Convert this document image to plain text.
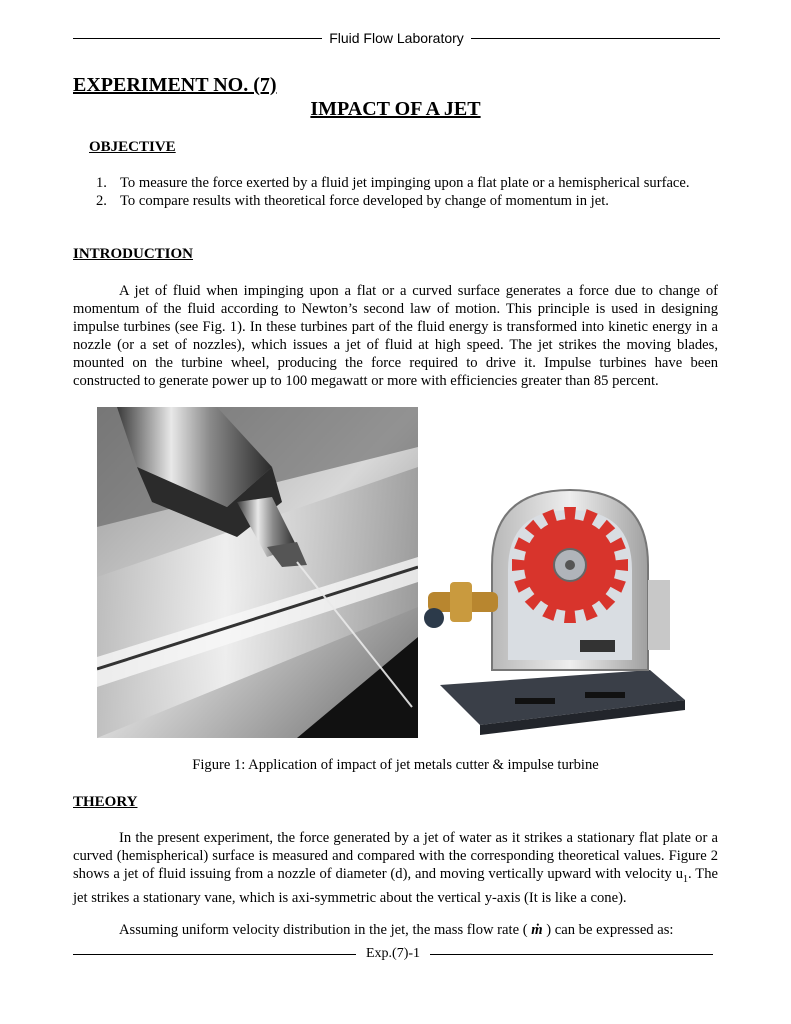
Fluid Flow Laboratory
EXPERIMENT NO. (7)
IMPACT OF A JET
OBJECTIVE
1. To measure the force exerted by a fluid jet impinging upon a flat plate or a hemispherical surface.
2. To compare results with theoretical force developed by change of momentum in jet.
INTRODUCTION

A jet of fluid when impinging upon a flat or a curved surface generates a force due to change of momentum of the fluid according to Newton’s second law of motion. This principle is used in designing impulse turbines (see Fig. 1). In these turbines part of the fluid energy is transformed into kinetic energy in a nozzle (or a set of nozzles), which issues a jet of fluid at high speed. The jet strikes the moving blades, mounted on the turbine wheel, producing the force required to drive it. Impulse turbines have been constructed to generate power up to 100 megawatt or more with efficiencies greater than 85 percent.

Figure 1: Application of impact of jet metals cutter & impulse turbine
THEORY

In the present experiment, the force generated by a jet of water as it strikes a stationary flat plate or a curved (hemispherical) surface is measured and compared with the corresponding theoretical values. Figure 2 shows a jet of fluid issuing from a nozzle of diameter (d), and moving vertically upward with velocity $u_1$. The jet strikes a stationary vane, which is axi-symmetric about the vertical y-axis (It is like a cone).

Assuming uniform velocity distribution in the jet, the mass flow rate ( ṁ ) can be expressed as:

Exp.(7)-1
